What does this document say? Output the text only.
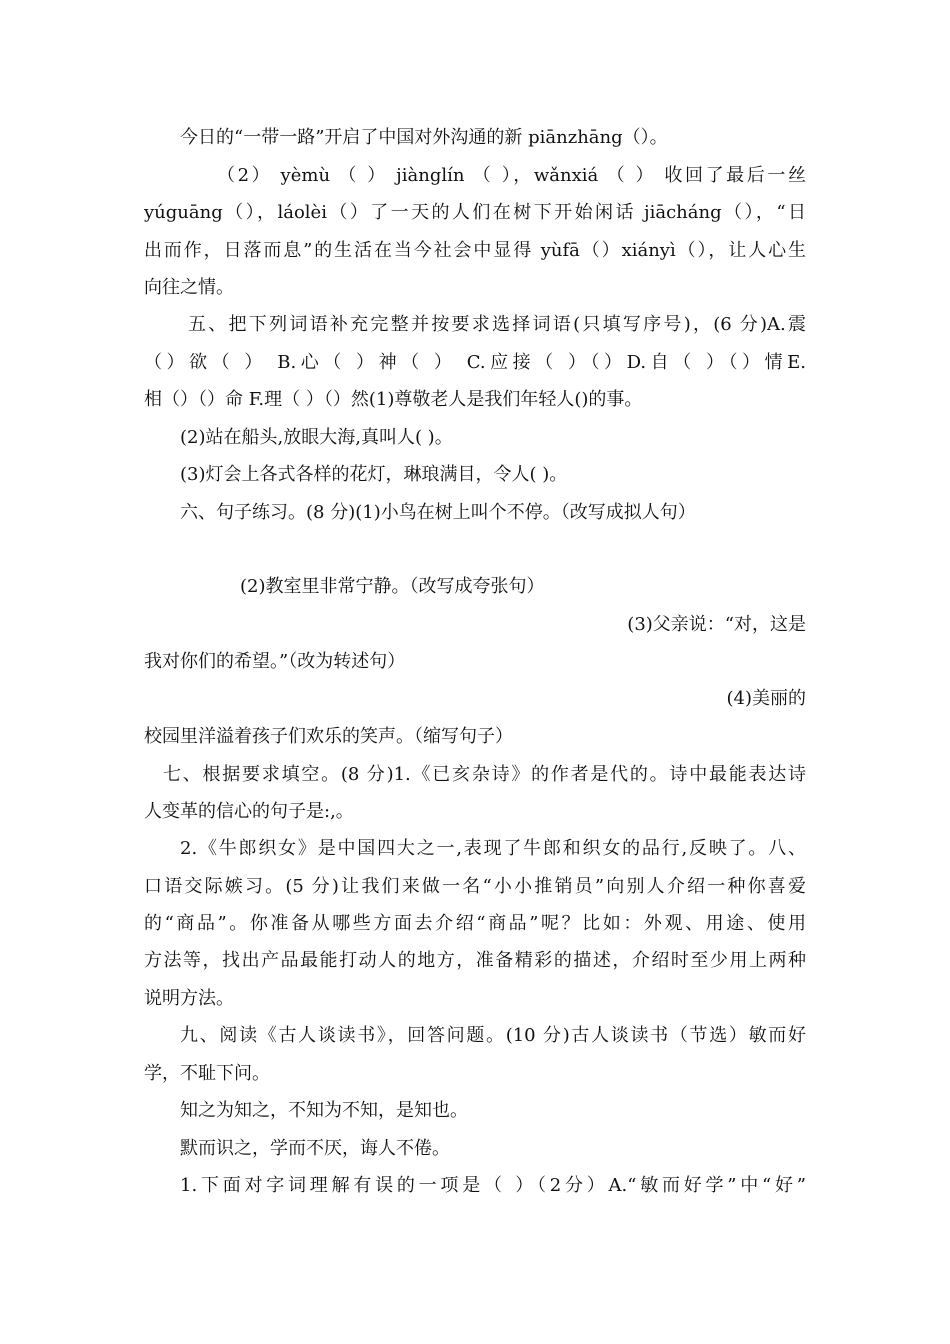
今日的“一带一路”开启了中国对外沟通的新 piānzhāng（）。
（2） yèmù （ ） jiànglín （ ），wǎnxiá （ ） 收回了最后一丝
yúguāng（），láolèi（）了一天的人们在树下开始闲话 jiācháng（），“日
出而作，日落而息”的生活在当今社会中显得 yùfā（）xiányì（），让人心生
向往之情。
五、把下列词语补充完整并按要求选择词语(只填写序号)，(6 分)A.震
（）欲（ ） B.心（ ）神（ ） C.应接（ ）（）D.自（ ）（）情E.
相（）（）命 F.理（ ）（）然(1)尊敬老人是我们年轻人()的事。
(2)站在船头,放眼大海,真叫人( )。
(3)灯会上各式各样的花灯，琳琅满目，令人( )。
六、句子练习。(8 分)(1)小鸟在树上叫个不停。（改写成拟人句）
(2)教室里非常宁静。（改写成夸张句）
(3)父亲说：“对，这是
我对你们的希望。”（改为转述句）
(4)美丽的
校园里洋溢着孩子们欢乐的笑声。（缩写句子）
七、根据要求填空。(8 分)1.《已亥杂诗》的作者是代的。诗中最能表达诗
人变革的信心的句子是:,。
2.《牛郎织女》是中国四大之一,表现了牛郎和织女的品行,反映了。八、
口语交际嫉习。(5 分)让我们来做一名“小小推销员”向别人介绍一种你喜爱
的“商品”。你准备从哪些方面去介绍“商品”呢？比如：外观、用途、使用
方法等，找出产品最能打动人的地方，准备精彩的描述，介绍时至少用上两种
说明方法。
九、阅读《古人谈读书》，回答问题。(10 分)古人谈读书（节选）敏而好
学，不耻下问。
知之为知之，不知为不知，是知也。
默而识之，学而不厌，诲人不倦。
1.下面对字词理解有误的一项是（ ）（2分）A.“敏而好学”中“好”
